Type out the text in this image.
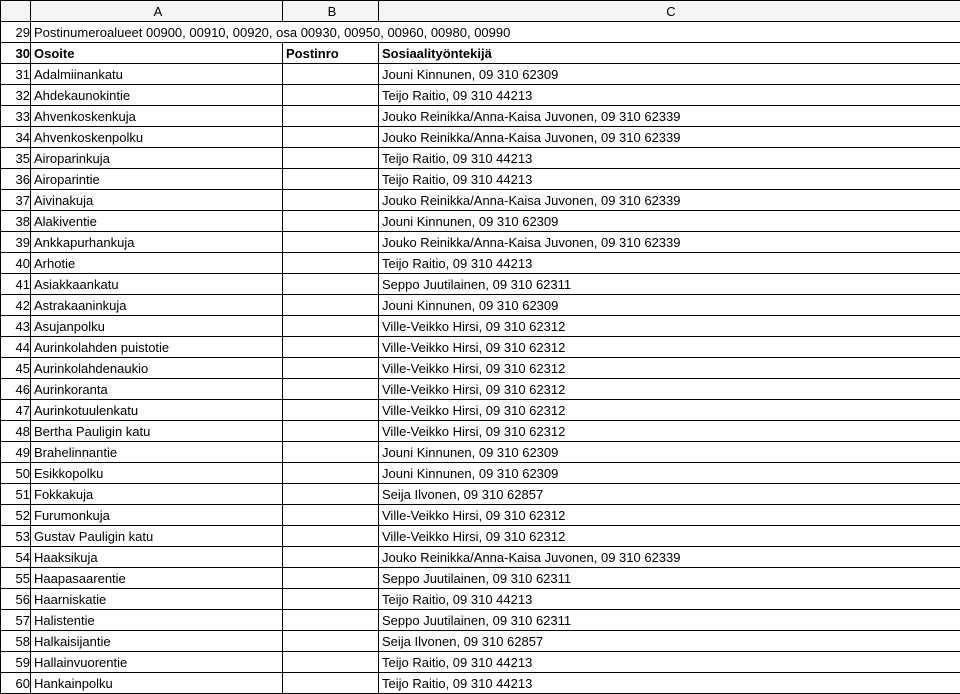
	A	B	C
29	Postinumeroalueet 00900, 00910, 00920, osa 00930, 00950, 00960, 00980, 00990		
30	Osoite	Postinro	Sosiaalityöntekijä
31	Adalmiinankatu		Jouni Kinnunen, 09 310 62309
32	Ahdekaunokintie		Teijo Raitio, 09 310 44213
33	Ahvenkoskenkuja		Jouko Reinikka/Anna-Kaisa Juvonen, 09 310 62339
34	Ahvenkoskenpolku		Jouko Reinikka/Anna-Kaisa Juvonen, 09 310 62339
35	Airoparinkuja		Teijo Raitio, 09 310 44213
36	Airoparintie		Teijo Raitio, 09 310 44213
37	Aivinakuja		Jouko Reinikka/Anna-Kaisa Juvonen, 09 310 62339
38	Alakiventie		Jouni Kinnunen, 09 310 62309
39	Ankkapurhankuja		Jouko Reinikka/Anna-Kaisa Juvonen, 09 310 62339
40	Arhotie		Teijo Raitio, 09 310 44213
41	Asiakkaankatu		Seppo Juutilainen, 09 310 62311
42	Astrakaaninkuja		Jouni Kinnunen, 09 310 62309
43	Asujanpolku		Ville-Veikko Hirsi, 09 310 62312
44	Aurinkolahden puistotie		Ville-Veikko Hirsi, 09 310 62312
45	Aurinkolahdenaukio		Ville-Veikko Hirsi, 09 310 62312
46	Aurinkoranta		Ville-Veikko Hirsi, 09 310 62312
47	Aurinkotuulenkatu		Ville-Veikko Hirsi, 09 310 62312
48	Bertha Pauligin katu		Ville-Veikko Hirsi, 09 310 62312
49	Brahelinnantie		Jouni Kinnunen, 09 310 62309
50	Esikkopolku		Jouni Kinnunen, 09 310 62309
51	Fokkakuja		Seija Ilvonen, 09 310 62857
52	Furumonkuja		Ville-Veikko Hirsi, 09 310 62312
53	Gustav Pauligin katu		Ville-Veikko Hirsi, 09 310 62312
54	Haaksikuja		Jouko Reinikka/Anna-Kaisa Juvonen, 09 310 62339
55	Haapasaarentie		Seppo Juutilainen, 09 310 62311
56	Haarniskatie		Teijo Raitio, 09 310 44213
57	Halistentie		Seppo Juutilainen, 09 310 62311
58	Halkaisijantie		Seija Ilvonen, 09 310 62857
59	Hallainvuorentie		Teijo Raitio, 09 310 44213
60	Hankainpolku		Teijo Raitio, 09 310 44213
